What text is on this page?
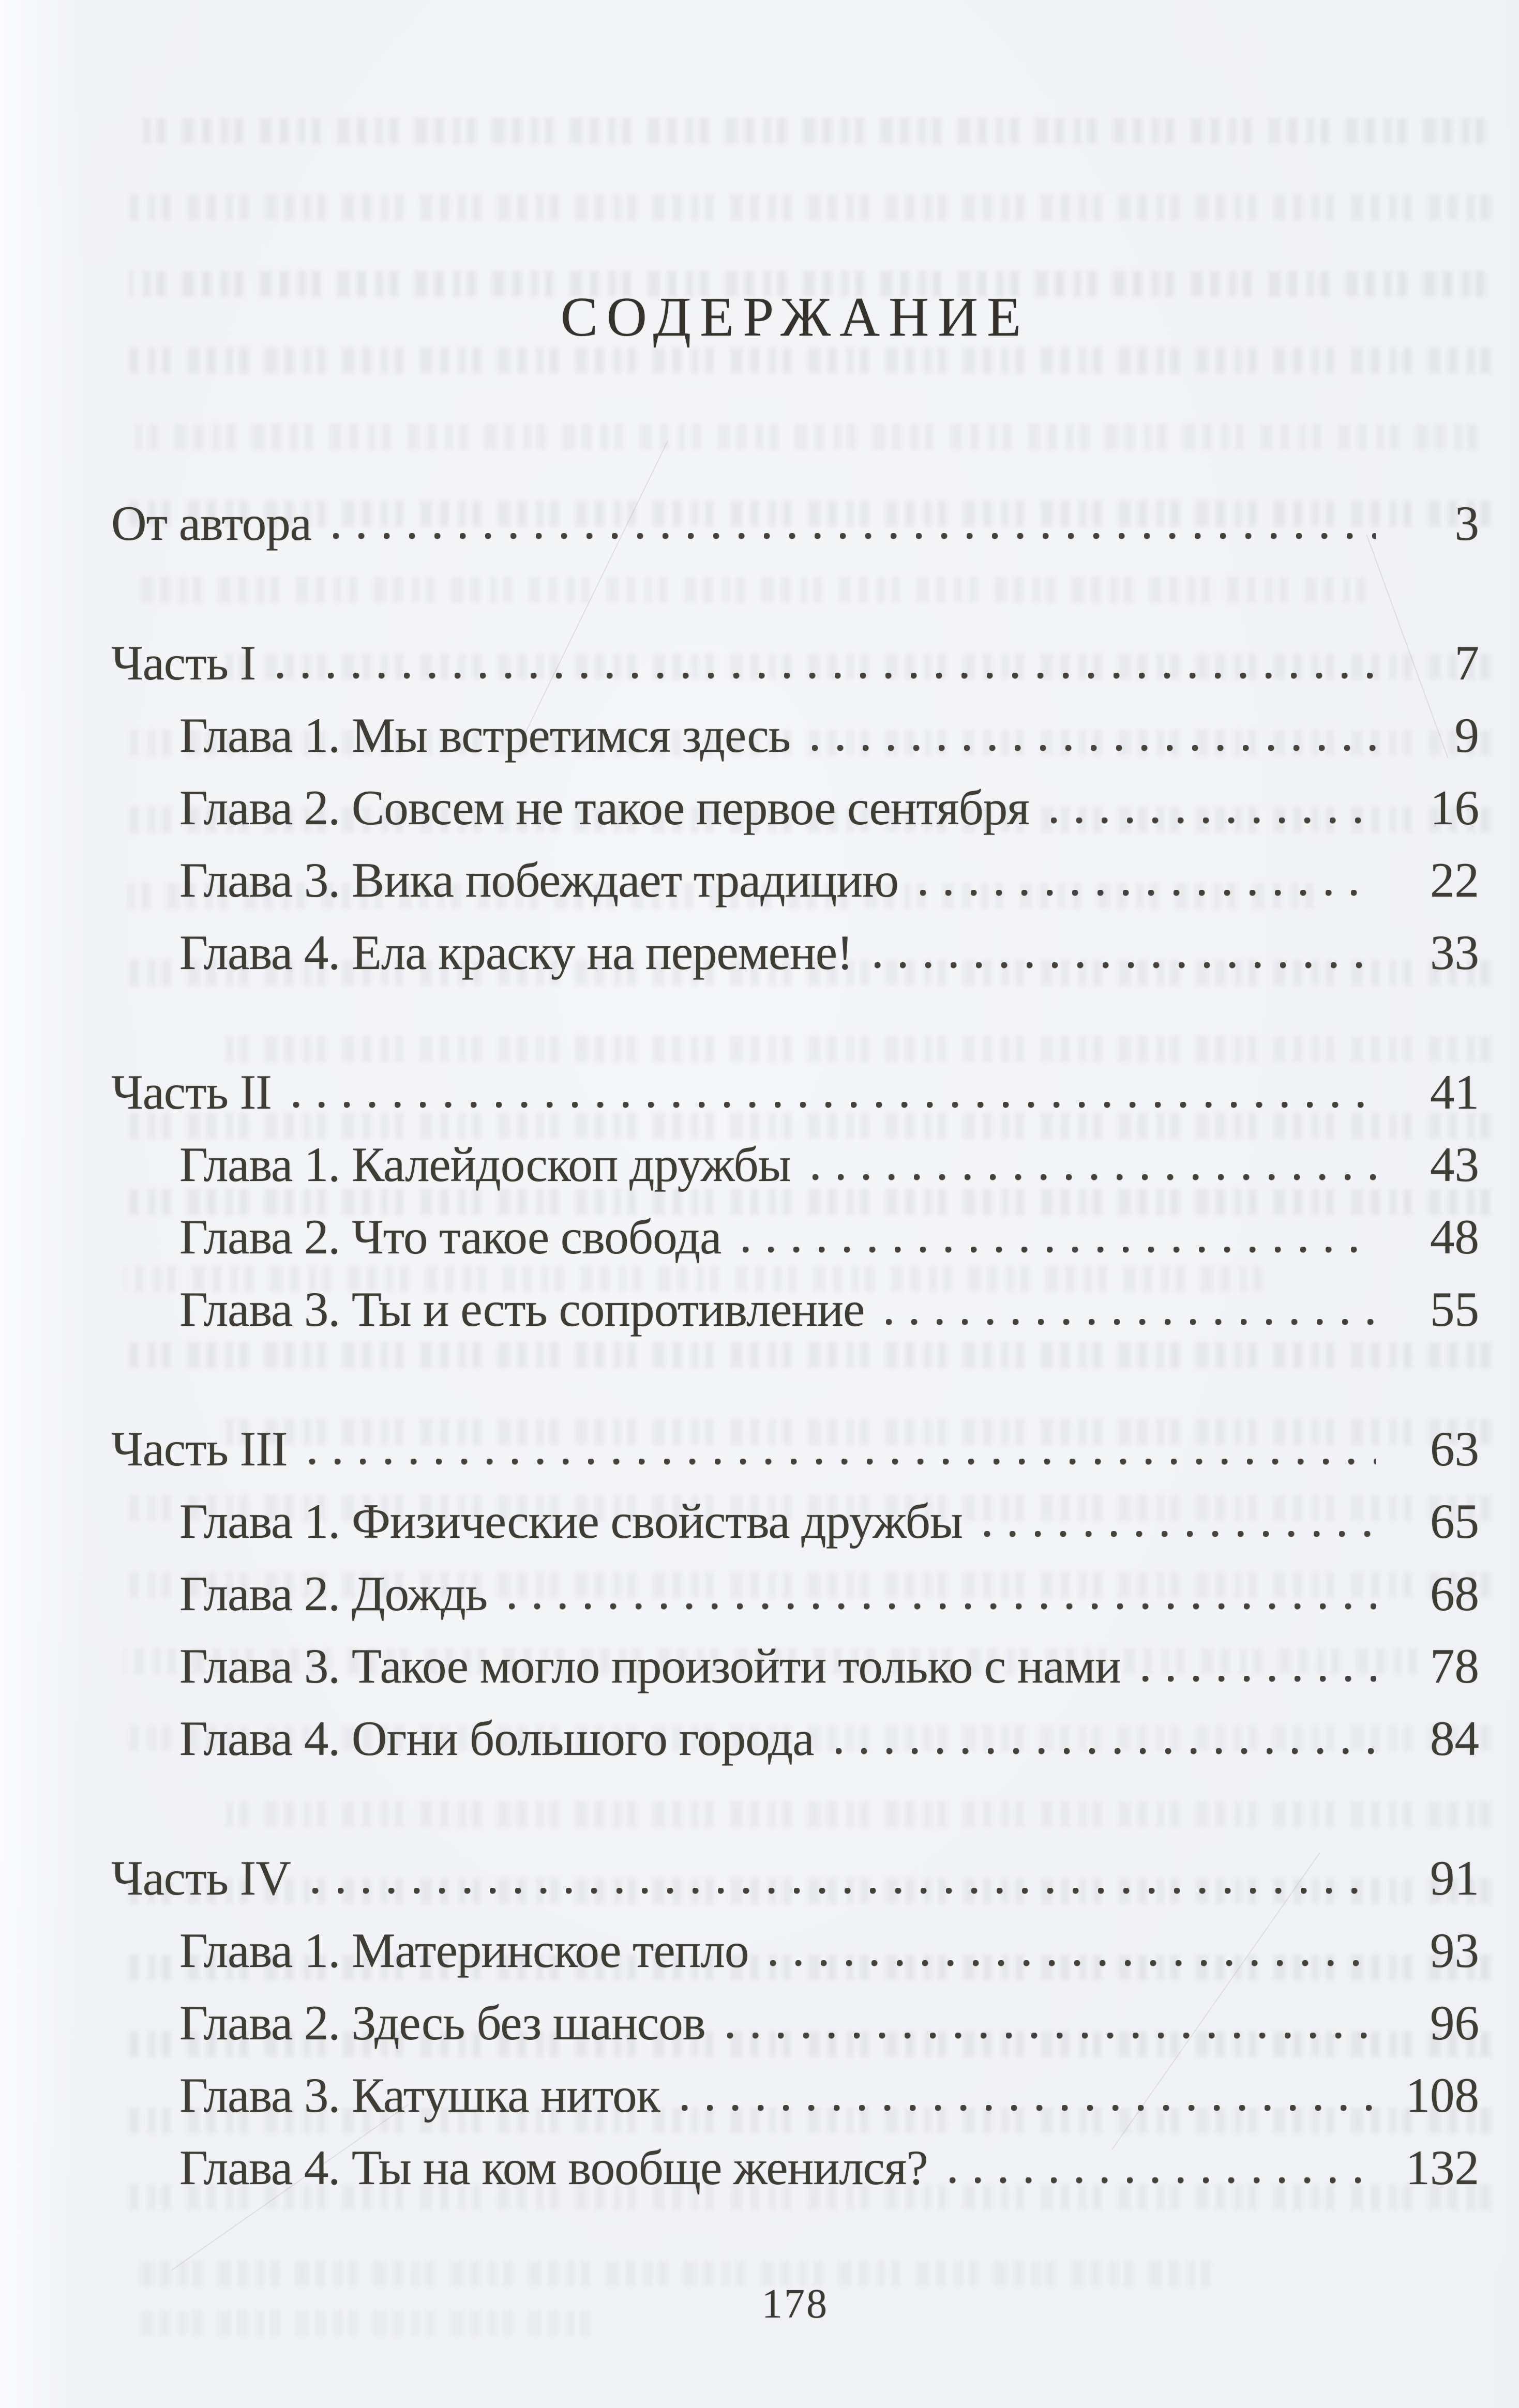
СОДЕРЖАНИЕ
От автора	3
Часть I	7
Глава 1. Мы встретимся здесь	9
Глава 2. Совсем не такое первое сентября	16
Глава 3. Вика побеждает традицию	22
Глава 4. Ела краску на перемене!	33
Часть II	41
Глава 1. Калейдоскоп дружбы	43
Глава 2. Что такое свобода	48
Глава 3. Ты и есть сопротивление	55
Часть III	63
Глава 1. Физические свойства дружбы	65
Глава 2. Дождь	68
Глава 3. Такое могло произойти только с нами	78
Глава 4. Огни большого города	84
Часть IV	91
Глава 1. Материнское тепло	93
Глава 2. Здесь без шансов	96
Глава 3. Катушка ниток	108
Глава 4. Ты на ком вообще женился?	132
178
